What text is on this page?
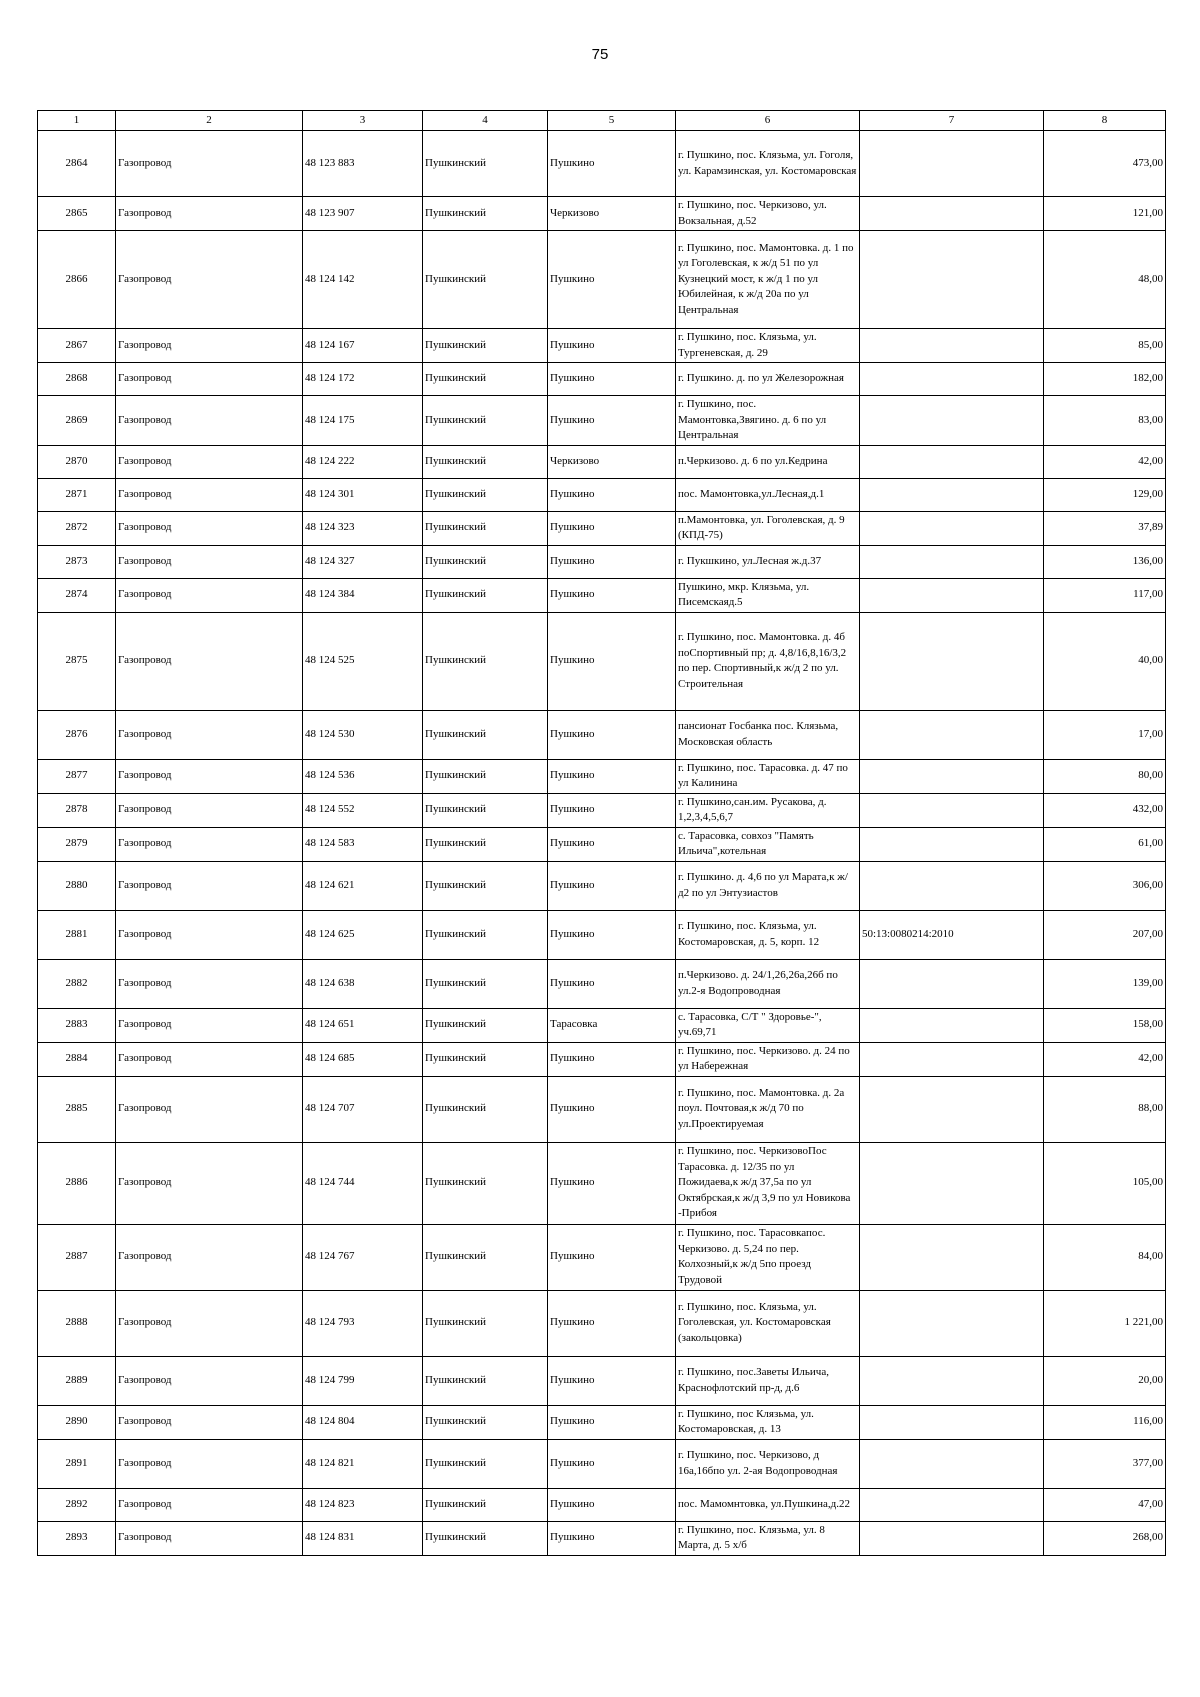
75
1	2	3	4	5	6	7	8
2864	Газопровод	48 123 883	Пушкинский	Пушкино	г. Пушкино, пос. Клязьма, ул. Гоголя, ул. Карамзинская, ул. Костомаровская		473,00
2865	Газопровод	48 123 907	Пушкинский	Черкизово	г. Пушкино, пос. Черкизово, ул. Вокзальная, д.52		121,00
2866	Газопровод	48 124 142	Пушкинский	Пушкино	г. Пушкино, пос. Мамонтовка. д. 1 по ул Гоголевская, к ж/д 51 по ул Кузнецкий мост, к ж/д 1 по ул Юбилейная, к ж/д 20а по ул Центральная		48,00
2867	Газопровод	48 124 167	Пушкинский	Пушкино	г. Пушкино, пос. Клязьма, ул. Тургеневская, д. 29		85,00
2868	Газопровод	48 124 172	Пушкинский	Пушкино	г. Пушкино. д. по ул Железорожная		182,00
2869	Газопровод	48 124 175	Пушкинский	Пушкино	г. Пушкино, пос. Мамонтовка,Звягино. д. 6 по ул Центральная		83,00
2870	Газопровод	48 124 222	Пушкинский	Черкизово	п.Черкизово. д. 6 по ул.Кедрина		42,00
2871	Газопровод	48 124 301	Пушкинский	Пушкино	пос. Мамонтовка,ул.Лесная,д.1		129,00
2872	Газопровод	48 124 323	Пушкинский	Пушкино	п.Мамонтовка, ул. Гоголевская, д. 9 (КПД-75)		37,89
2873	Газопровод	48 124 327	Пушкинский	Пушкино	г. Пукшкино, ул.Лесная ж.д.37		136,00
2874	Газопровод	48 124 384	Пушкинский	Пушкино	Пушкино, мкр. Клязьма, ул. Писемскаяд.5		117,00
2875	Газопровод	48 124 525	Пушкинский	Пушкино	г. Пушкино, пос. Мамонтовка. д. 4б поСпортивный пр; д. 4,8/16,8,16/3,2 по пер. Спортивный,к ж/д 2 по ул. Строительная		40,00
2876	Газопровод	48 124 530	Пушкинский	Пушкино	пансионат Госбанка пос. Клязьма, Московская область		17,00
2877	Газопровод	48 124 536	Пушкинский	Пушкино	г. Пушкино, пос. Тарасовка. д. 47 по ул Калинина		80,00
2878	Газопровод	48 124 552	Пушкинский	Пушкино	г. Пушкино,сан.им. Русакова, д. 1,2,3,4,5,6,7		432,00
2879	Газопровод	48 124 583	Пушкинский	Пушкино	с. Тарасовка, совхоз "Память Ильича",котельная		61,00
2880	Газопровод	48 124 621	Пушкинский	Пушкино	г. Пушкино. д. 4,6 по ул Марата,к ж/д2 по ул Энтузиастов		306,00
2881	Газопровод	48 124 625	Пушкинский	Пушкино	г. Пушкино, пос. Клязьма, ул. Костомаровская, д. 5, корп. 12	50:13:0080214:2010	207,00
2882	Газопровод	48 124 638	Пушкинский	Пушкино	п.Черкизово. д. 24/1,26,26а,26б по ул.2-я Водопроводная		139,00
2883	Газопровод	48 124 651	Пушкинский	Тарасовка	с. Тарасовка, С/Т " Здоровье-", уч.69,71		158,00
2884	Газопровод	48 124 685	Пушкинский	Пушкино	г. Пушкино, пос. Черкизово. д. 24 по ул Набережная		42,00
2885	Газопровод	48 124 707	Пушкинский	Пушкино	г. Пушкино, пос. Мамонтовка. д. 2а поул. Почтовая,к ж/д 70 по ул.Проектируемая		88,00
2886	Газопровод	48 124 744	Пушкинский	Пушкино	г. Пушкино, пос. ЧеркизовоПос Тарасовка. д. 12/35 по ул Пожидаева,к ж/д 37,5а по ул Октябрская,к ж/д 3,9 по ул Новикова -Прибоя		105,00
2887	Газопровод	48 124 767	Пушкинский	Пушкино	г. Пушкино, пос. Тарасовкапос. Черкизово. д. 5,24 по пер. Колхозный,к ж/д 5по проезд Трудовой		84,00
2888	Газопровод	48 124 793	Пушкинский	Пушкино	г. Пушкино, пос. Клязьма, ул. Гоголевская, ул. Костомаровская (закольцовка)		1 221,00
2889	Газопровод	48 124 799	Пушкинский	Пушкино	г. Пушкино, пос.Заветы Ильича, Краснофлотский пр-д, д.6		20,00
2890	Газопровод	48 124 804	Пушкинский	Пушкино	г. Пушкино, пос Клязьма, ул. Костомаровская, д. 13		116,00
2891	Газопровод	48 124 821	Пушкинский	Пушкино	г. Пушкино, пос. Черкизово, д 16а,16бпо ул. 2-ая Водопроводная		377,00
2892	Газопровод	48 124 823	Пушкинский	Пушкино	пос. Мамомнтовка, ул.Пушкина,д.22		47,00
2893	Газопровод	48 124 831	Пушкинский	Пушкино	г. Пушкино, пос. Клязьма, ул. 8 Марта, д. 5 х/б		268,00
